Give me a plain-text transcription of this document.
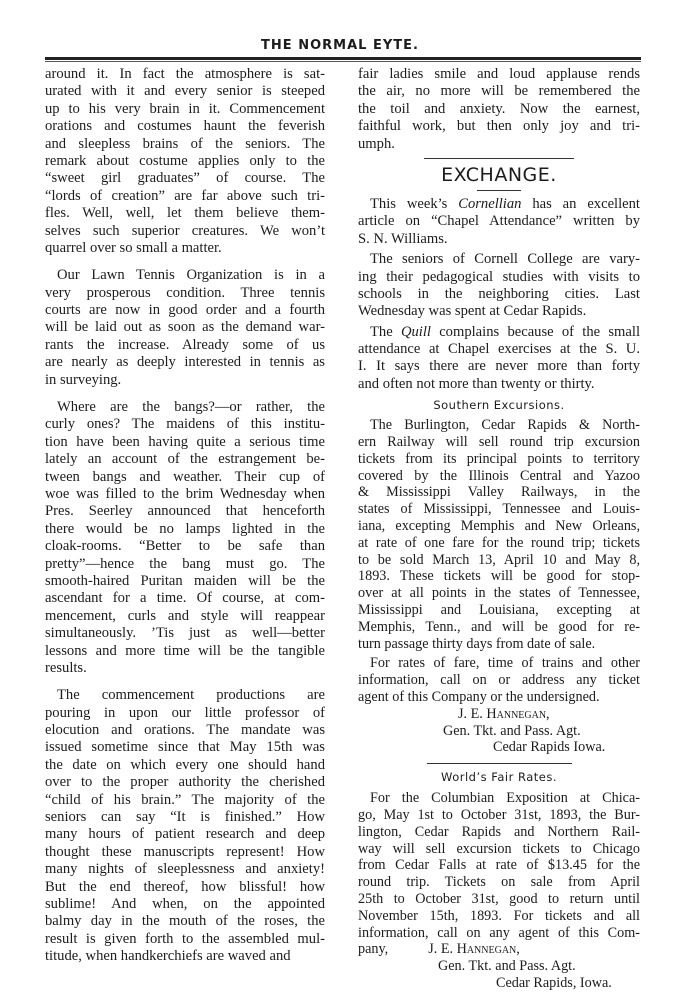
THE NORMAL EYTE.
around it. In fact the atmosphere is sat-
urated with it and every senior is steeped
up to his very brain in it. Commencement
orations and costumes haunt the feverish
and sleepless brains of the seniors. The
remark about costume applies only to the
“sweet girl graduates” of course. The
“lords of creation” are far above such tri-
fles. Well, well, let them believe them-
selves such superior creatures. We won’t
quarrel over so small a matter.
Our Lawn Tennis Organization is in a
very prosperous condition. Three tennis
courts are now in good order and a fourth
will be laid out as soon as the demand war-
rants the increase. Already some of us
are nearly as deeply interested in tennis as
in surveying.
Where are the bangs?—or rather, the
curly ones? The maidens of this institu-
tion have been having quite a serious time
lately an account of the estrangement be-
tween bangs and weather. Their cup of
woe was filled to the brim Wednesday when
Pres. Seerley announced that henceforth
there would be no lamps lighted in the
cloak-rooms. “Better to be safe than
pretty”—hence the bang must go. The
smooth-haired Puritan maiden will be the
ascendant for a time. Of course, at com-
mencement, curls and style will reappear
simultaneously. ’Tis just as well—better
lessons and more time will be the tangible
results.
The commencement productions are
pouring in upon our little professor of
elocution and orations. The mandate was
issued sometime since that May 15th was
the date on which every one should hand
over to the proper authority the cherished
“child of his brain.” The majority of the
seniors can say “It is finished.” How
many hours of patient research and deep
thought these manuscripts represent! How
many nights of sleeplessness and anxiety!
But the end thereof, how blissful! how
sublime! And when, on the appointed
balmy day in the mouth of the roses, the
result is given forth to the assembled mul-
titude, when handkerchiefs are waved and
fair ladies smile and loud applause rends
the air, no more will be remembered the
the toil and anxiety. Now the earnest,
faithful work, but then only joy and tri-
umph.
EXCHANGE.
This week’s Cornellian has an excellent
article on “Chapel Attendance” written by
S. N. Williams.
The seniors of Cornell College are vary-
ing their pedagogical studies with visits to
schools in the neighboring cities. Last
Wednesday was spent at Cedar Rapids.
The Quill complains because of the small
attendance at Chapel exercises at the S. U.
I. It says there are never more than forty
and often not more than twenty or thirty.
Southern Excursions.
The Burlington, Cedar Rapids & North-
ern Railway will sell round trip excursion
tickets from its principal points to territory
covered by the Illinois Central and Yazoo
& Mississippi Valley Railways, in the
states of Mississippi, Tennessee and Louis-
iana, excepting Memphis and New Orleans,
at rate of one fare for the round trip; tickets
to be sold March 13, April 10 and May 8,
1893. These tickets will be good for stop-
over at all points in the states of Tennessee,
Mississippi and Louisiana, excepting at
Memphis, Tenn., and will be good for re-
turn passage thirty days from date of sale.
For rates of fare, time of trains and other
information, call on or address any ticket
agent of this Company or the undersigned.
J. E. Hannegan,
Gen. Tkt. and Pass. Agt.
Cedar Rapids Iowa.
World’s Fair Rates.
For the Columbian Exposition at Chica-
go, May 1st to October 31st, 1893, the Bur-
lington, Cedar Rapids and Northern Rail-
way will sell excursion tickets to Chicago
from Cedar Falls at rate of $13.45 for the
round trip. Tickets on sale from April
25th to October 31st, good to return until
November 15th, 1893. For tickets and all
information, call on any agent of this Com-
pany,	J. E. Hannegan,
Gen. Tkt. and Pass. Agt.
Cedar Rapids, Iowa.
